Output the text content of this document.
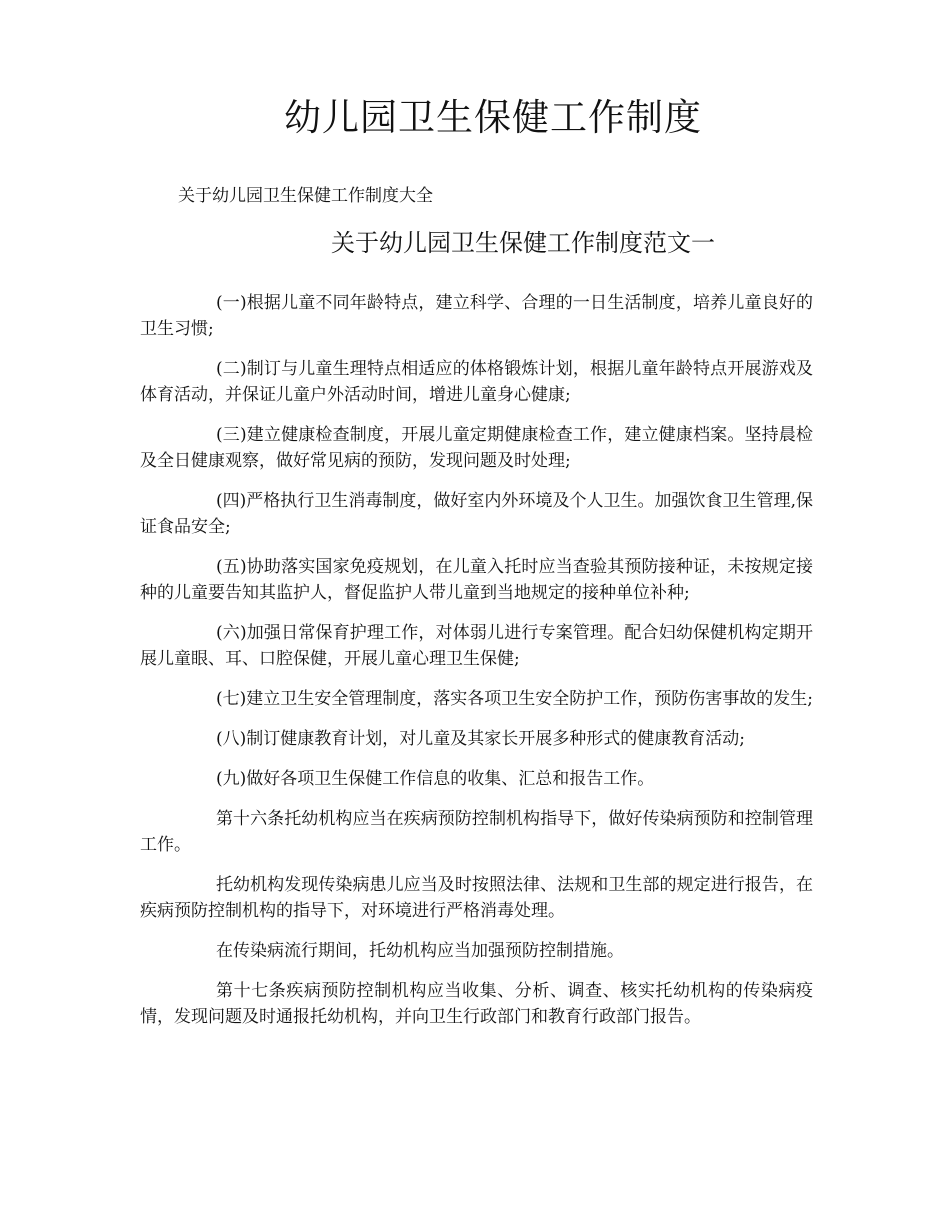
幼儿园卫生保健工作制度

关于幼儿园卫生保健工作制度大全

关于幼儿园卫生保健工作制度范文一

(一)根据儿童不同年龄特点，建立科学、合理的一日生活制度，培养儿童良好的卫生习惯;

(二)制订与儿童生理特点相适应的体格锻炼计划，根据儿童年龄特点开展游戏及体育活动，并保证儿童户外活动时间，增进儿童身心健康;

(三)建立健康检查制度，开展儿童定期健康检查工作，建立健康档案。坚持晨检及全日健康观察，做好常见病的预防，发现问题及时处理;

(四)严格执行卫生消毒制度，做好室内外环境及个人卫生。加强饮食卫生管理,保证食品安全;

(五)协助落实国家免疫规划，在儿童入托时应当查验其预防接种证，未按规定接种的儿童要告知其监护人，督促监护人带儿童到当地规定的接种单位补种;

(六)加强日常保育护理工作，对体弱儿进行专案管理。配合妇幼保健机构定期开展儿童眼、耳、口腔保健，开展儿童心理卫生保健;

(七)建立卫生安全管理制度，落实各项卫生安全防护工作，预防伤害事故的发生;

(八)制订健康教育计划，对儿童及其家长开展多种形式的健康教育活动;

(九)做好各项卫生保健工作信息的收集、汇总和报告工作。

第十六条托幼机构应当在疾病预防控制机构指导下，做好传染病预防和控制管理工作。

托幼机构发现传染病患儿应当及时按照法律、法规和卫生部的规定进行报告，在疾病预防控制机构的指导下，对环境进行严格消毒处理。

在传染病流行期间，托幼机构应当加强预防控制措施。

第十七条疾病预防控制机构应当收集、分析、调查、核实托幼机构的传染病疫情，发现问题及时通报托幼机构，并向卫生行政部门和教育行政部门报告。
